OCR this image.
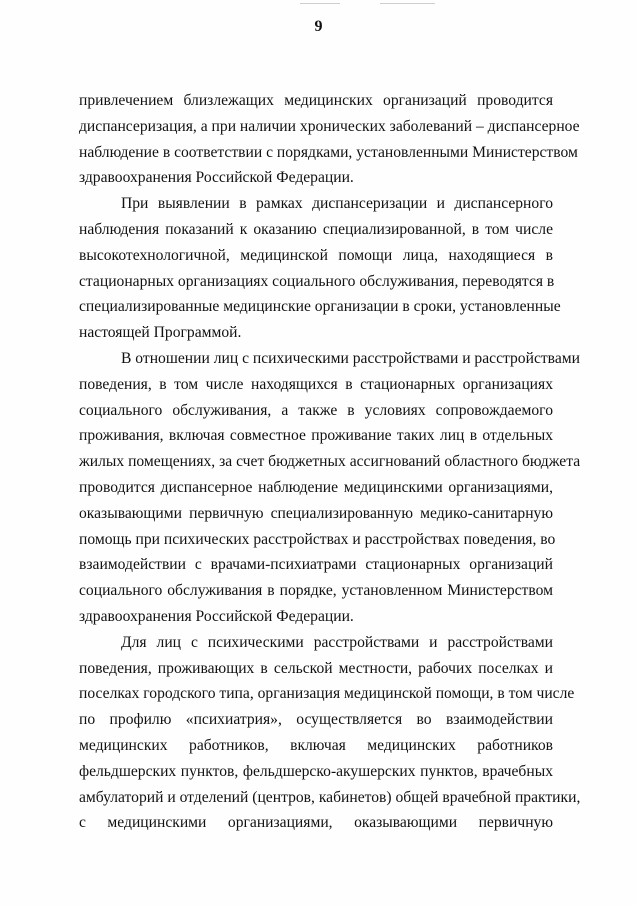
9
привлечением близлежащих медицинских организаций проводится
диспансеризация, а при наличии хронических заболеваний – диспансерное
наблюдение в соответствии с порядками, установленными Министерством
здравоохранения Российской Федерации.
При выявлении в рамках диспансеризации и диспансерного
наблюдения показаний к оказанию специализированной, в том числе
высокотехнологичной, медицинской помощи лица, находящиеся в
стационарных организациях социального обслуживания, переводятся в
специализированные медицинские организации в сроки, установленные
настоящей Программой.
В отношении лиц с психическими расстройствами и расстройствами
поведения, в том числе находящихся в стационарных организациях
социального обслуживания, а также в условиях сопровождаемого
проживания, включая совместное проживание таких лиц в отдельных
жилых помещениях, за счет бюджетных ассигнований областного бюджета
проводится диспансерное наблюдение медицинскими организациями,
оказывающими первичную специализированную медико-санитарную
помощь при психических расстройствах и расстройствах поведения, во
взаимодействии с врачами-психиатрами стационарных организаций
социального обслуживания в порядке, установленном Министерством
здравоохранения Российской Федерации.
Для лиц с психическими расстройствами и расстройствами
поведения, проживающих в сельской местности, рабочих поселках и
поселках городского типа, организация медицинской помощи, в том числе
по профилю «психиатрия», осуществляется во взаимодействии
медицинских работников, включая медицинских работников
фельдшерских пунктов, фельдшерско-акушерских пунктов, врачебных
амбулаторий и отделений (центров, кабинетов) общей врачебной практики,
с медицинскими организациями, оказывающими первичную
